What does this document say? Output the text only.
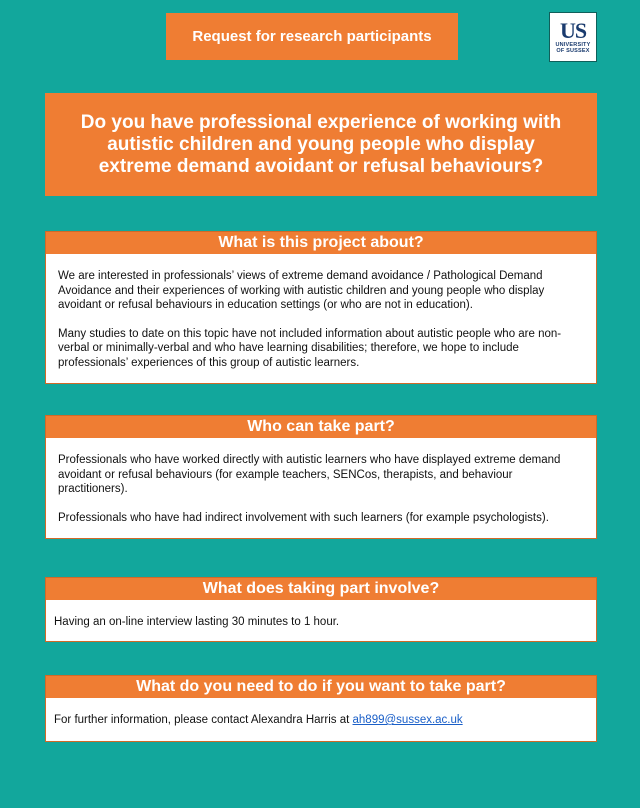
Request for research participants	US
UNIVERSITY
OF SUSSEX
Do you have professional experience of working with autistic children and young people who display extreme demand avoidant or refusal behaviours?
What is this project about?

We are interested in professionals’ views of extreme demand avoidance / Pathological Demand Avoidance and their experiences of working with autistic children and young people who display avoidant or refusal behaviours in education settings (or who are not in education).

Many studies to date on this topic have not included information about autistic people who are non-verbal or minimally-verbal and who have learning disabilities; therefore, we hope to include professionals’ experiences of this group of autistic learners.

Who can take part?

Professionals who have worked directly with autistic learners who have displayed extreme demand avoidant or refusal behaviours (for example teachers, SENCos, therapists, and behaviour practitioners).

Professionals who have had indirect involvement with such learners (for example psychologists).

What does taking part involve?

Having an on-line interview lasting 30 minutes to 1 hour.

What do you need to do if you want to take part?

For further information, please contact Alexandra Harris at ah899@sussex.ac.uk
